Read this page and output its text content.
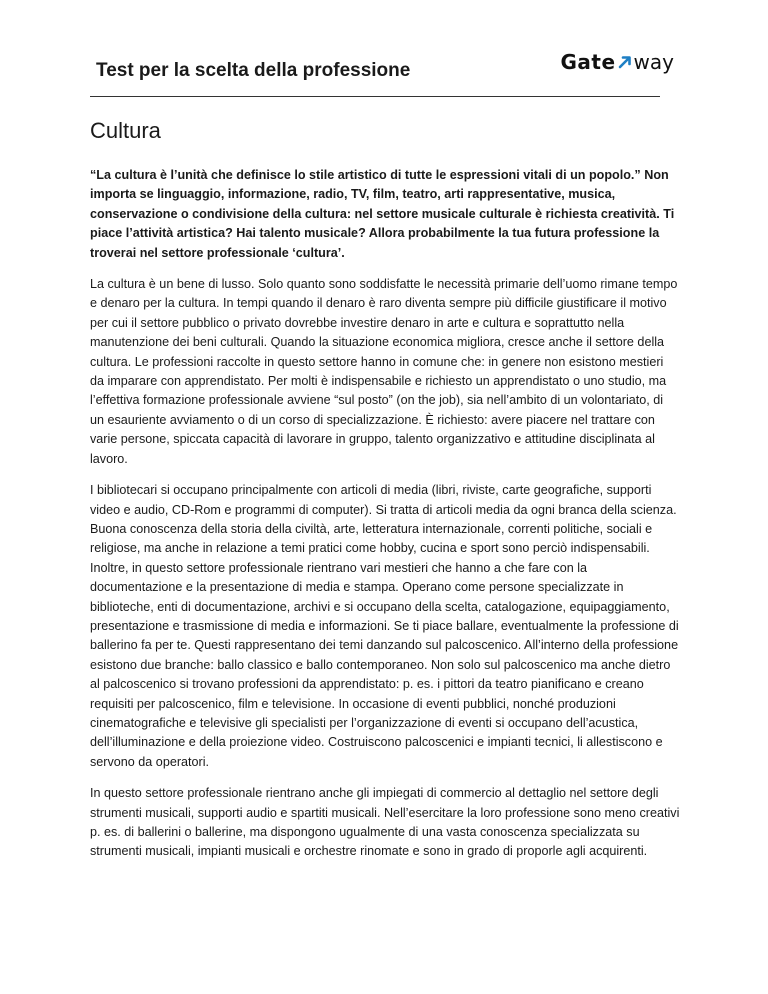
Test per la scelta della professione	Gate way
Cultura

“La cultura è l’unità che definisce lo stile artistico di tutte le espressioni vitali di un popolo.” Non importa se linguaggio, informazione, radio, TV, film, teatro, arti rappresentative, musica, conservazione o condivisione della cultura: nel settore musicale culturale è richiesta creatività. Ti piace l’attività artistica? Hai talento musicale? Allora probabilmente la tua futura professione la troverai nel settore professionale ‘cultura’.

La cultura è un bene di lusso. Solo quanto sono soddisfatte le necessità primarie dell’uomo rimane tempo e denaro per la cultura. In tempi quando il denaro è raro diventa sempre più difficile giustificare il motivo per cui il settore pubblico o privato dovrebbe investire denaro in arte e cultura e soprattutto nella manutenzione dei beni culturali. Quando la situazione economica migliora, cresce anche il settore della cultura. Le professioni raccolte in questo settore hanno in comune che: in genere non esistono mestieri da imparare con apprendistato. Per molti è indispensabile e richiesto un apprendistato o uno studio, ma l’effettiva formazione professionale avviene “sul posto” (on the job), sia nell’ambito di un volontariato, di un esauriente avviamento o di un corso di specializzazione. È richiesto: avere piacere nel trattare con varie persone, spiccata capacità di lavorare in gruppo, talento organizzativo e attitudine disciplinata al lavoro.

I bibliotecari si occupano principalmente con articoli di media (libri, riviste, carte geografiche, supporti video e audio, CD-Rom e programmi di computer). Si tratta di articoli media da ogni branca della scienza. Buona conoscenza della storia della civiltà, arte, letteratura internazionale, correnti politiche, sociali e religiose, ma anche in relazione a temi pratici come hobby, cucina e sport sono perciò indispensabili. Inoltre, in questo settore professionale rientrano vari mestieri che hanno a che fare con la documentazione e la presentazione di media e stampa. Operano come persone specializzate in biblioteche, enti di documentazione, archivi e si occupano della scelta, catalogazione, equipaggiamento, presentazione e trasmissione di media e informazioni. Se ti piace ballare, eventualmente la professione di ballerino fa per te. Questi rappresentano dei temi danzando sul palcoscenico. All’interno della professione esistono due branche: ballo classico e ballo contemporaneo. Non solo sul palcoscenico ma anche dietro al palcoscenico si trovano professioni da apprendistato: p. es. i pittori da teatro pianificano e creano requisiti per palcoscenico, film e televisione. In occasione di eventi pubblici, nonché produzioni cinematografiche e televisive gli specialisti per l’organizzazione di eventi si occupano dell’acustica, dell’illuminazione e della proiezione video. Costruiscono palcoscenici e impianti tecnici, li allestiscono e servono da operatori.

In questo settore professionale rientrano anche gli impiegati di commercio al dettaglio nel settore degli strumenti musicali, supporti audio e spartiti musicali. Nell’esercitare la loro professione sono meno creativi p. es. di ballerini o ballerine, ma dispongono ugualmente di una vasta conoscenza specializzata su strumenti musicali, impianti musicali e orchestre rinomate e sono in grado di proporle agli acquirenti.
